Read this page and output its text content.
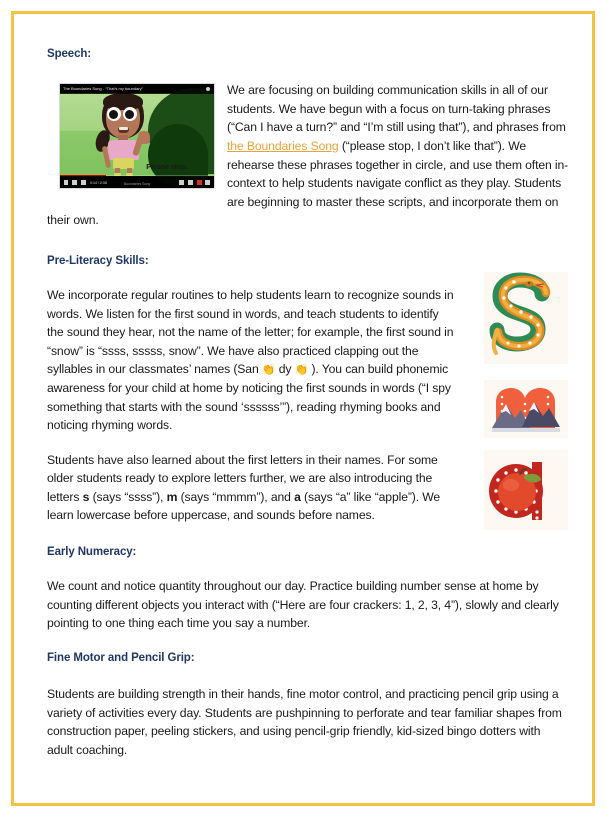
Speech:
Please stop.
The Boundaries Song - “That’s my boundary”
0:14 / 2:06	Boundaries Song

We are focusing on building communication skills in all of our students. We have begun with a focus on turn-taking phrases (“Can I have a turn?” and “I’m still using that”), and phrases from the Boundaries Song (“please stop, I don’t like that”). We rehearse these phrases together in circle, and use them often in-context to help students navigate conflict as they play. Students are beginning to master these scripts, and incorporate them on their own.

Pre-Literacy Skills:

We incorporate regular routines to help students learn to recognize sounds in words. We listen for the first sound in words, and teach students to identify the sound they hear, not the name of the letter; for example, the first sound in “snow” is “ssss, sssss, snow”. We have also practiced clapping out the syllables in our classmates’ names (San 👏 dy 👏 ). You can build phonemic awareness for your child at home by noticing the first sounds in words (“I spy something that starts with the sound ‘ssssss’”), reading rhyming books and noticing rhyming words.

Students have also learned about the first letters in their names. For some older students ready to explore letters further, we are also introducing the letters s (says “ssss”), m (says “mmmm”), and a (says “a” like “apple”). We learn lowercase before uppercase, and sounds before names.

Early Numeracy:

We count and notice quantity throughout our day. Practice building number sense at home by counting different objects you interact with (“Here are four crackers: 1, 2, 3, 4”), slowly and clearly pointing to one thing each time you say a number.

Fine Motor and Pencil Grip:

Students are building strength in their hands, fine motor control, and practicing pencil grip using a variety of activities every day. Students are pushpinning to perforate and tear familiar shapes from construction paper, peeling stickers, and using pencil-grip friendly, kid-sized bingo dotters with adult coaching.
